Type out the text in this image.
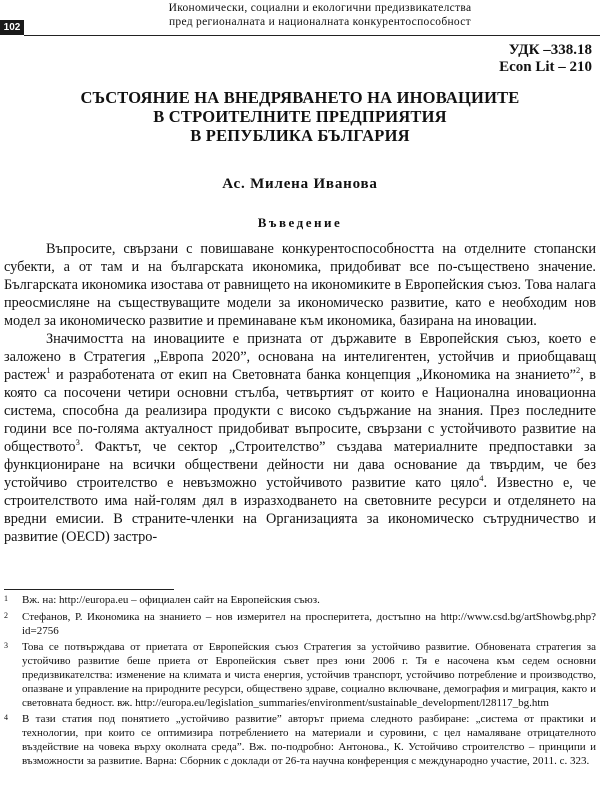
102
Икономически, социални и екологични предизвикателства
пред регионалната и националната конкурентоспособност
УДК –338.18
Econ Lit – 210
СЪСТОЯНИЕ НА ВНЕДРЯВАНЕТО НА ИНОВАЦИИТЕ
В СТРОИТЕЛНИТЕ ПРЕДПРИЯТИЯ
В РЕПУБЛИКА БЪЛГАРИЯ
Ас. Милена Иванова
Въведение

Въпросите, свързани с повишаване конкурентоспособността на отделните стопански субекти, а от там и на българската икономика, придобиват все по-съществено значение. Българската икономика изостава от равнището на икономиките в Европейския съюз. Това налага преосмисляне на съществуващите модели за икономическо развитие, като е необходим нов модел за икономическо развитие и преминаване към икономика, базирана на иновации.

Значимостта на иновациите е призната от държавите в Европейския съюз, което е заложено в Стратегия „Европа 2020”, основана на интелигентен, устойчив и приобщаващ растеж$^1$ и разработената от екип на Световната банка концепция „Икономика на знанието”$^2$, в която са посочени четири основни стълба, четвъртият от които е Национална иновационна система, способна да реализира продукти с високо съдържание на знания. През последните години все по-голяма актуалност придобиват въпросите, свързани с устойчивото развитие на обществото$^3$. Фактът, че сектор „Строителство” създава материалните предпоставки за функциониране на всички обществени дейности ни дава основание да твърдим, че без устойчиво строителство е невъзможно устойчивото развитие като цяло$^4$. Известно е, че строителството има най-голям дял в изразходването на световните ресурси и отделянето на вредни емисии. В страните-членки на Организацията за икономическо сътрудничество и развитие (OECD) застро-

1 Вж. на: http://europa.eu – официален сайт на Европейския съюз.
2 Стефанов, Р. Икономика на знанието – нов измерител на просперитета, достъпно на http://www.csd.bg/artShowbg.php?id=2756
3 Това се потвърждава от приетата от Европейския съюз Стратегия за устойчиво развитие. Обновената стратегия за устойчиво развитие беше приета от Европейския съвет през юни 2006 г. Тя е насочена към седем основни предизвикателства: изменение на климата и чиста енергия, устойчив транспорт, устойчиво потребление и производство, опазване и управление на природните ресурси, обществено здраве, социално включване, демография и миграция, както и световната бедност. вж. http://europa.eu/legislation_summaries/environment/sustainable_development/l28117_bg.htm
4 В тази статия под понятието „устойчиво развитие” авторът приема следното разбиране: „система от практики и технологии, при които се оптимизира потреблението на материали и суровини, с цел намаляване отрицателното въздействие на човека върху околната среда”. Вж. по-подробно: Антонова., К. Устойчиво строителство – принципи и възможности за развитие. Варна: Сборник с доклади от 26-та научна конференция с международно участие, 2011. с. 323.
